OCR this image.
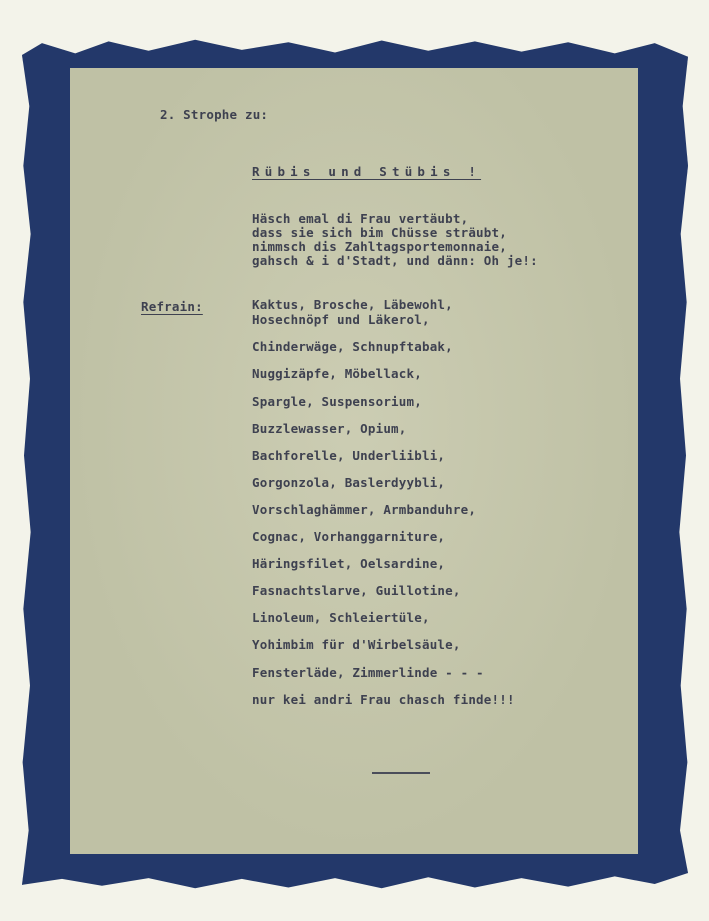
2. Strophe zu:
Rübis und Stübis !
Häsch emal di Frau vertäubt,
dass sie sich bim Chüsse sträubt,
nimmsch dis Zahltagsportemonnaie,
gahsch & i d'Stadt, und dänn: Oh je!:
Refrain:	Kaktus, Brosche, Läbewohl,
Hosechnöpf und Läkerol,
Chinderwäge, Schnupftabak,
Nuggizäpfe, Möbellack,
Spargle, Suspensorium,
Buzzlewasser, Opium,
Bachforelle, Underliibli,
Gorgonzola, Baslerdyybli,
Vorschlaghämmer, Armbanduhre,
Cognac, Vorhanggarniture,
Häringsfilet, Oelsardine,
Fasnachtslarve, Guillotine,
Linoleum, Schleiertüle,
Yohimbim für d'Wirbelsäule,
Fensterläde, Zimmerlinde - - -
nur kei andri Frau chasch finde!!!
